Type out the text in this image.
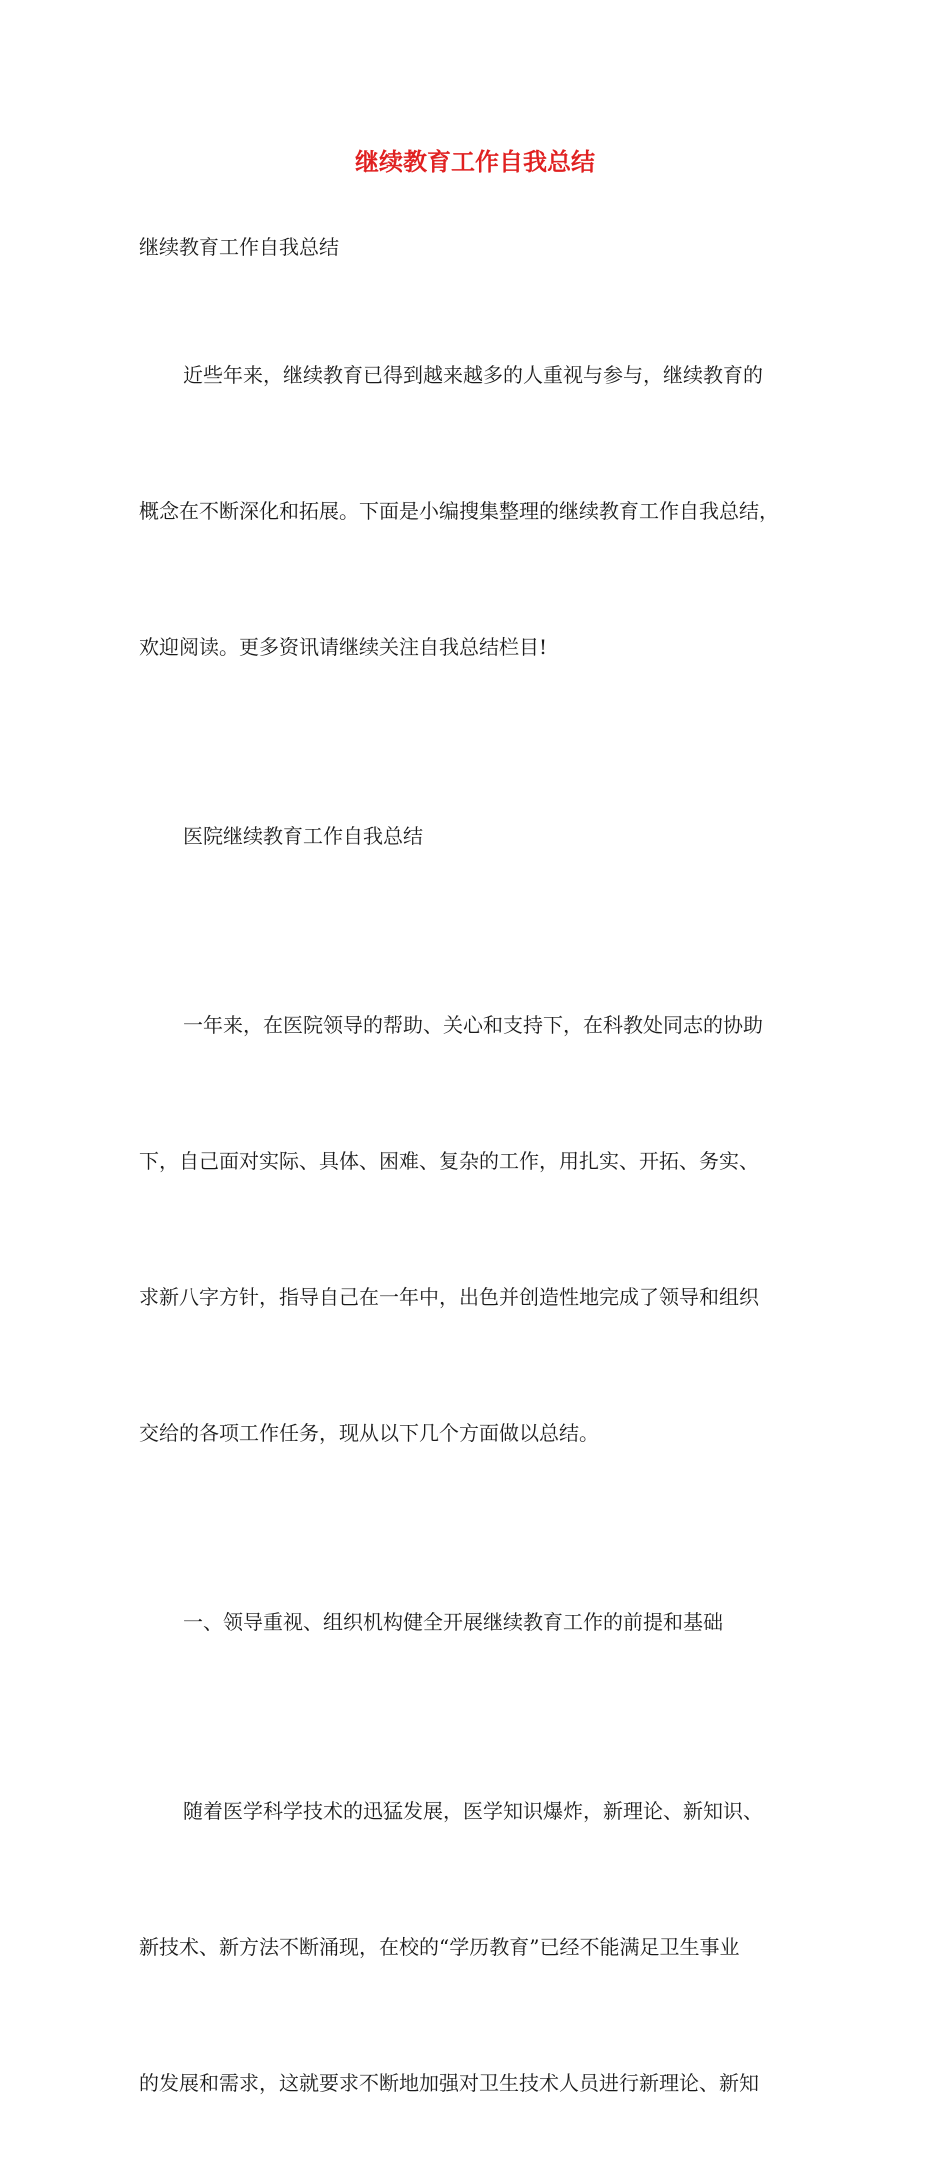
继续教育工作自我总结

继续教育工作自我总结

近些年来，继续教育已得到越来越多的人重视与参与，继续教育的

概念在不断深化和拓展。下面是小编搜集整理的继续教育工作自我总结，

欢迎阅读。更多资讯请继续关注自我总结栏目!

医院继续教育工作自我总结

一年来，在医院领导的帮助、关心和支持下，在科教处同志的协助

下，自己面对实际、具体、困难、复杂的工作，用扎实、开拓、务实、

求新八字方针，指导自己在一年中，出色并创造性地完成了领导和组织

交给的各项工作任务，现从以下几个方面做以总结。

一、领导重视、组织机构健全开展继续教育工作的前提和基础

随着医学科学技术的迅猛发展，医学知识爆炸，新理论、新知识、

新技术、新方法不断涌现，在校的“学历教育”已经不能满足卫生事业

的发展和需求，这就要求不断地加强对卫生技术人员进行新理论、新知
